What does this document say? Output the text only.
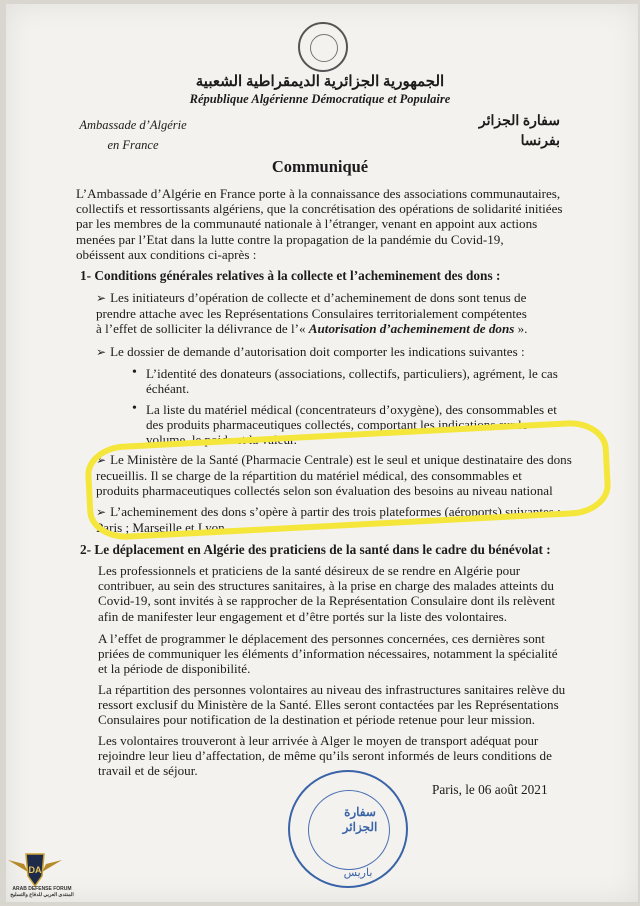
الجمهورية الجزائرية الديمقراطية الشعبية
République Algérienne Démocratique et Populaire
Ambassade d’Algérie
en France
سفارة الجزائر
بفرنسا
Communiqué
L’Ambassade d’Algérie en France porte à la connaissance des associations communautaires,
collectifs et ressortissants algériens, que la concrétisation des opérations de solidarité initiées
par les membres de la communauté nationale à l’étranger, venant en appoint aux actions
menées par l’Etat dans la lutte contre la propagation de la pandémie du Covid-19,
obéissent aux conditions ci-après :
1- Conditions générales relatives à la collecte et l’acheminement des dons :
➢ Les initiateurs d’opération de collecte et d’acheminement de dons sont tenus de
prendre attache avec les Représentations Consulaires territorialement compétentes
à l’effet de solliciter la délivrance de l’« Autorisation d’acheminement de dons ».
➢ Le dossier de demande d’autorisation doit comporter les indications suivantes :
• L’identité des donateurs (associations, collectifs, particuliers), agrément, le cas
échéant.
• La liste du matériel médical (concentrateurs d’oxygène), des consommables et
des produits pharmaceutiques collectés, comportant les indications sur le
volume, le poids et la valeur.
➢ Le Ministère de la Santé (Pharmacie Centrale) est le seul et unique destinataire des dons
recueillis. Il se charge de la répartition du matériel médical, des consommables et
produits pharmaceutiques collectés selon son évaluation des besoins au niveau national
➢ L’acheminement des dons s’opère à partir des trois plateformes (aéroports) suivantes :
Paris ; Marseille et Lyon.
2- Le déplacement en Algérie des praticiens de la santé dans le cadre du bénévolat :
Les professionnels et praticiens de la santé désireux de se rendre en Algérie pour
contribuer, au sein des structures sanitaires, à la prise en charge des malades atteints du
Covid-19, sont invités à se rapprocher de la Représentation Consulaire dont ils relèvent
afin de manifester leur engagement et d’être portés sur la liste des volontaires.
A l’effet de programmer le déplacement des personnes concernées, ces dernières sont
priées de communiquer les éléments d’information nécessaires, notamment la spécialité
et la période de disponibilité.
La répartition des personnes volontaires au niveau des infrastructures sanitaires relève du
ressort exclusif du Ministère de la Santé. Elles seront contactées par les Représentations
Consulaires pour notification de la destination et période retenue pour leur mission.
Les volontaires trouveront à leur arrivée à Alger le moyen de transport adéquat pour
rejoindre leur lieu d’affectation, de même qu’ils seront informés de leurs conditions de
travail et de séjour.
Paris, le 06 août 2021
سفارة الجزائر
باريس
DA
ARAB DEFENSE FORUM
المنتدى العربي للدفاع والتسليح
